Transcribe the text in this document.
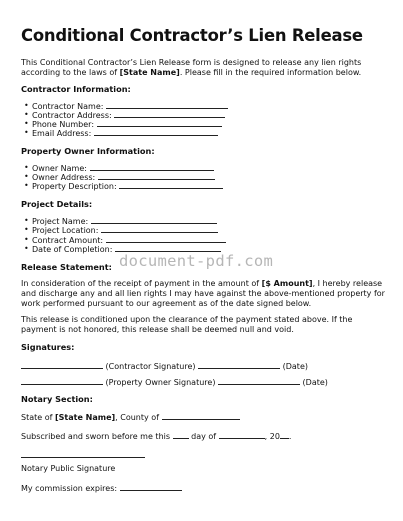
Conditional Contractor’s Lien Release
This Conditional Contractor’s Lien Release form is designed to release any lien rights
according to the laws of [State Name]. Please fill in the required information below.
Contractor Information:
• Contractor Name:
• Contractor Address:
• Phone Number:
• Email Address:
Property Owner Information:
• Owner Name:
• Owner Address:
• Property Description:
Project Details:
• Project Name:
• Project Location:
• Contract Amount:
• Date of Completion:
Release Statement:
In consideration of the receipt of payment in the amount of [$ Amount], I hereby release
and discharge any and all lien rights I may have against the above-mentioned property for
work performed pursuant to our agreement as of the date signed below.
This release is conditioned upon the clearance of the payment stated above. If the
payment is not honored, this release shall be deemed null and void.
Signatures:
(Contractor Signature)	(Date)
(Property Owner Signature)	(Date)
Notary Section:
State of [State Name], County of
Subscribed and sworn before me this	day of	, 20 .
Notary Public Signature
My commission expires:
document-pdf.com
